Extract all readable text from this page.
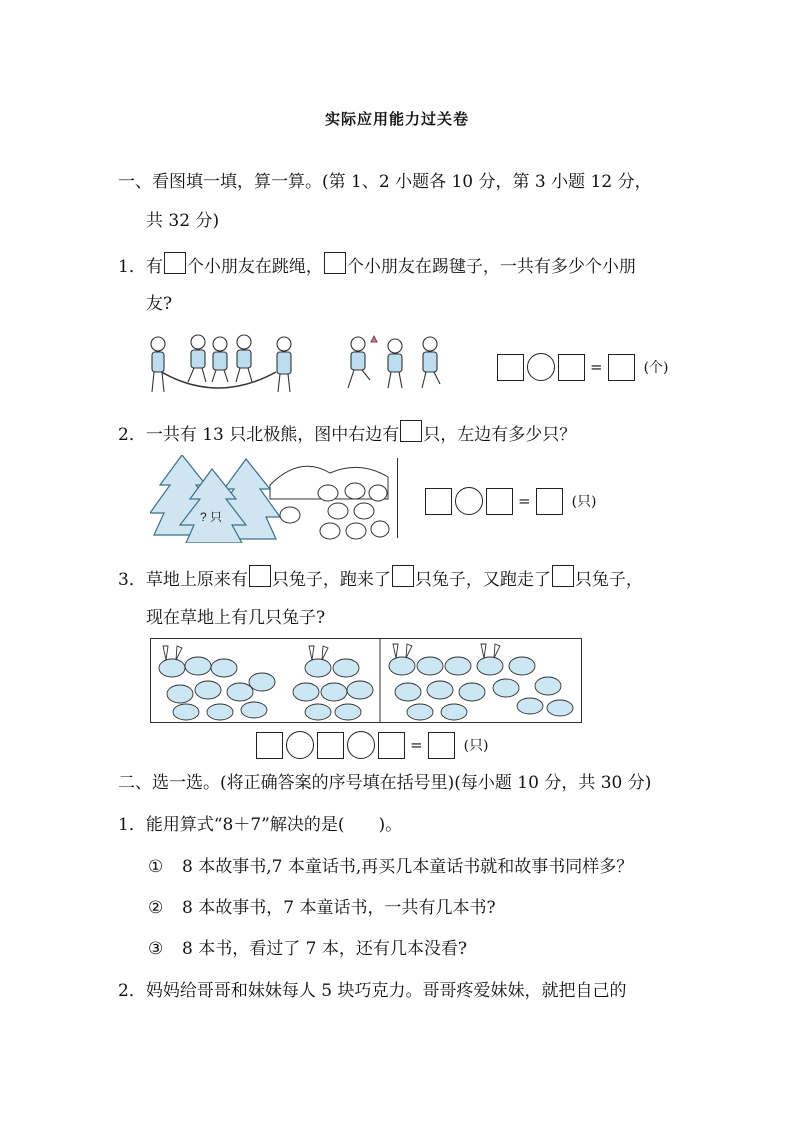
实际应用能力过关卷
一、看图填一填，算一算。(第 1、2 小题各 10 分，第 3 小题 12 分，
共 32 分)
1．有 个小朋友在跳绳， 个小朋友在踢毽子，一共有多少个小朋
友?
=	(个)
2．一共有 13 只北极熊，图中右边有 只，左边有多少只？
? 只
=	(只)
3．草地上原来有 只兔子，跑来了 只兔子，又跑走了 只兔子，
现在草地上有几只兔子?
=	(只)
二、选一选。(将正确答案的序号填在括号里)(每小题 10 分，共 30 分)
1．能用算式“8＋7”解决的是(　　)。
① 8 本故事书,7 本童话书,再买几本童话书就和故事书同样多？
② 8 本故事书，7 本童话书，一共有几本书?
③ 8 本书，看过了 7 本，还有几本没看?
2．妈妈给哥哥和妹妹每人 5 块巧克力。哥哥疼爱妹妹，就把自己的
